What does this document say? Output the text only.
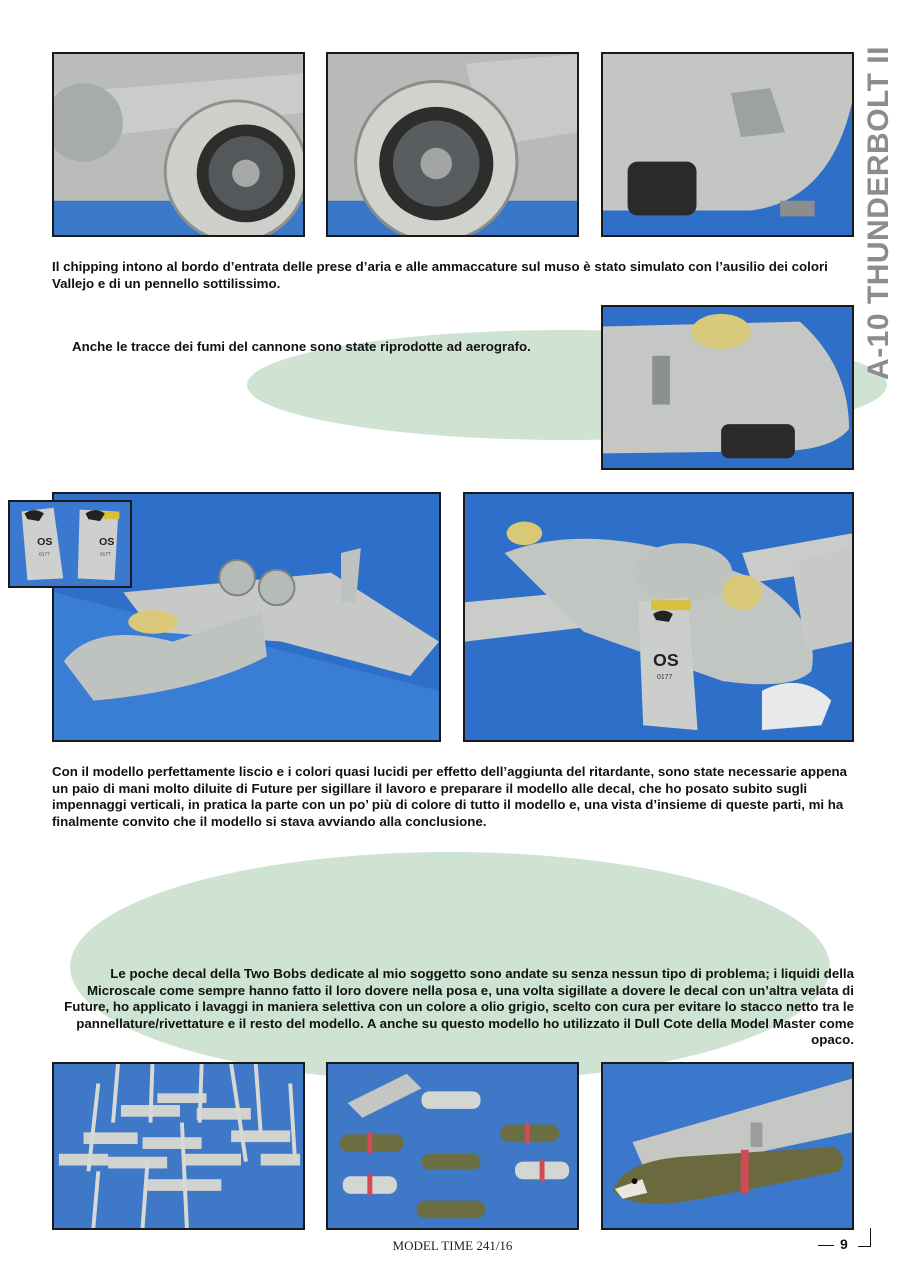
A-10 THUNDERBOLT II
Il chipping intono al bordo d’entrata delle prese d’aria e alle ammaccature sul muso è stato simulato con l’ausilio dei colori Vallejo e di un pennello sottilissimo.
Anche le tracce dei fumi del cannone sono state riprodotte ad aerografo.
OS	OS
0177	0177
OS
0177
Con il modello perfettamente liscio e i colori quasi lucidi per effetto dell’aggiunta del ritardante, sono state necessarie appena un paio di mani molto diluite di Future per sigillare il lavoro e preparare il modello alle decal, che ho posato subito sugli impennaggi verticali, in pratica la parte con un po’ più di colore di tutto il modello e, una vista d’insieme di queste parti, mi ha finalmente convito che il modello si stava avviando alla conclusione.
Le poche decal della Two Bobs dedicate al mio soggetto sono andate su senza nessun tipo di problema; i liquidi della Microscale come sempre hanno fatto il loro dovere nella posa e, una volta sigillate a dovere le decal con un’altra velata di Future, ho applicato i lavaggi in maniera selettiva con un colore a olio grigio, scelto con cura per evitare lo stacco netto tra le pannellature/rivettature e il resto del modello. A anche su questo modello ho utilizzato il Dull Cote della Model Master come opaco.
MODEL TIME 241/16	9
